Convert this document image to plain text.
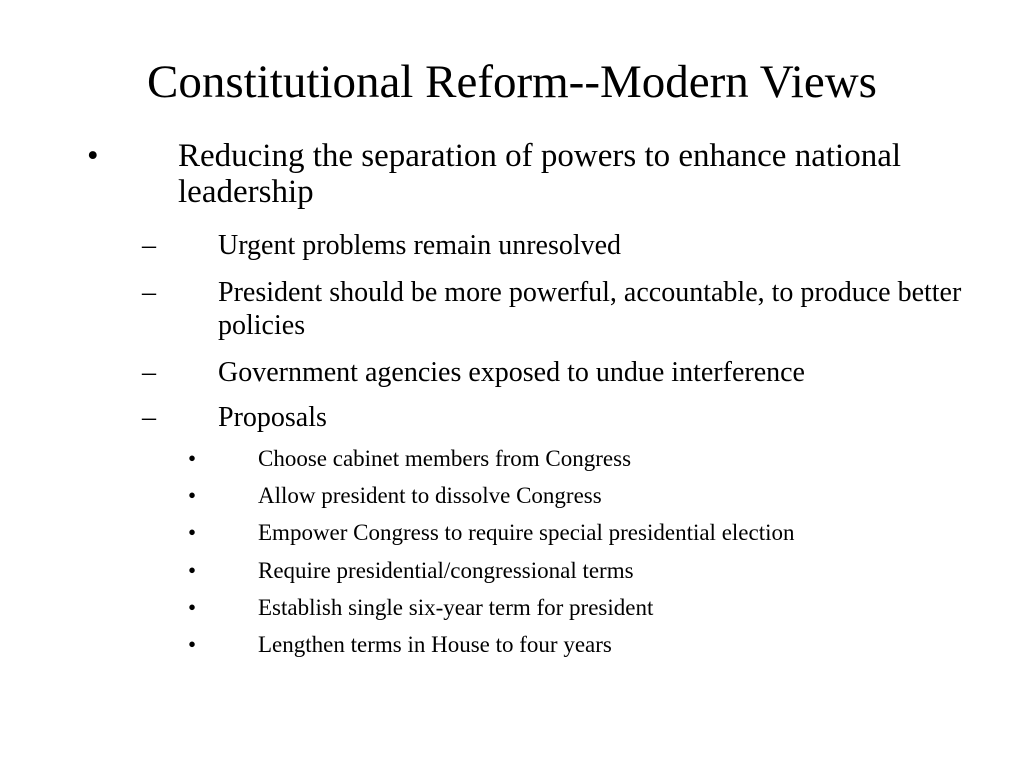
Constitutional Reform--Modern Views
• Reducing the separation of powers to enhance national leadership
– Urgent problems remain unresolved
– President should be more powerful, accountable, to produce better policies
– Government agencies exposed to undue interference
– Proposals
•	Choose cabinet members from Congress
•	Allow president to dissolve Congress
•	Empower Congress to require special presidential election
•	Require presidential/congressional terms
•	Establish single six-year term for president
•	Lengthen terms in House to four years
